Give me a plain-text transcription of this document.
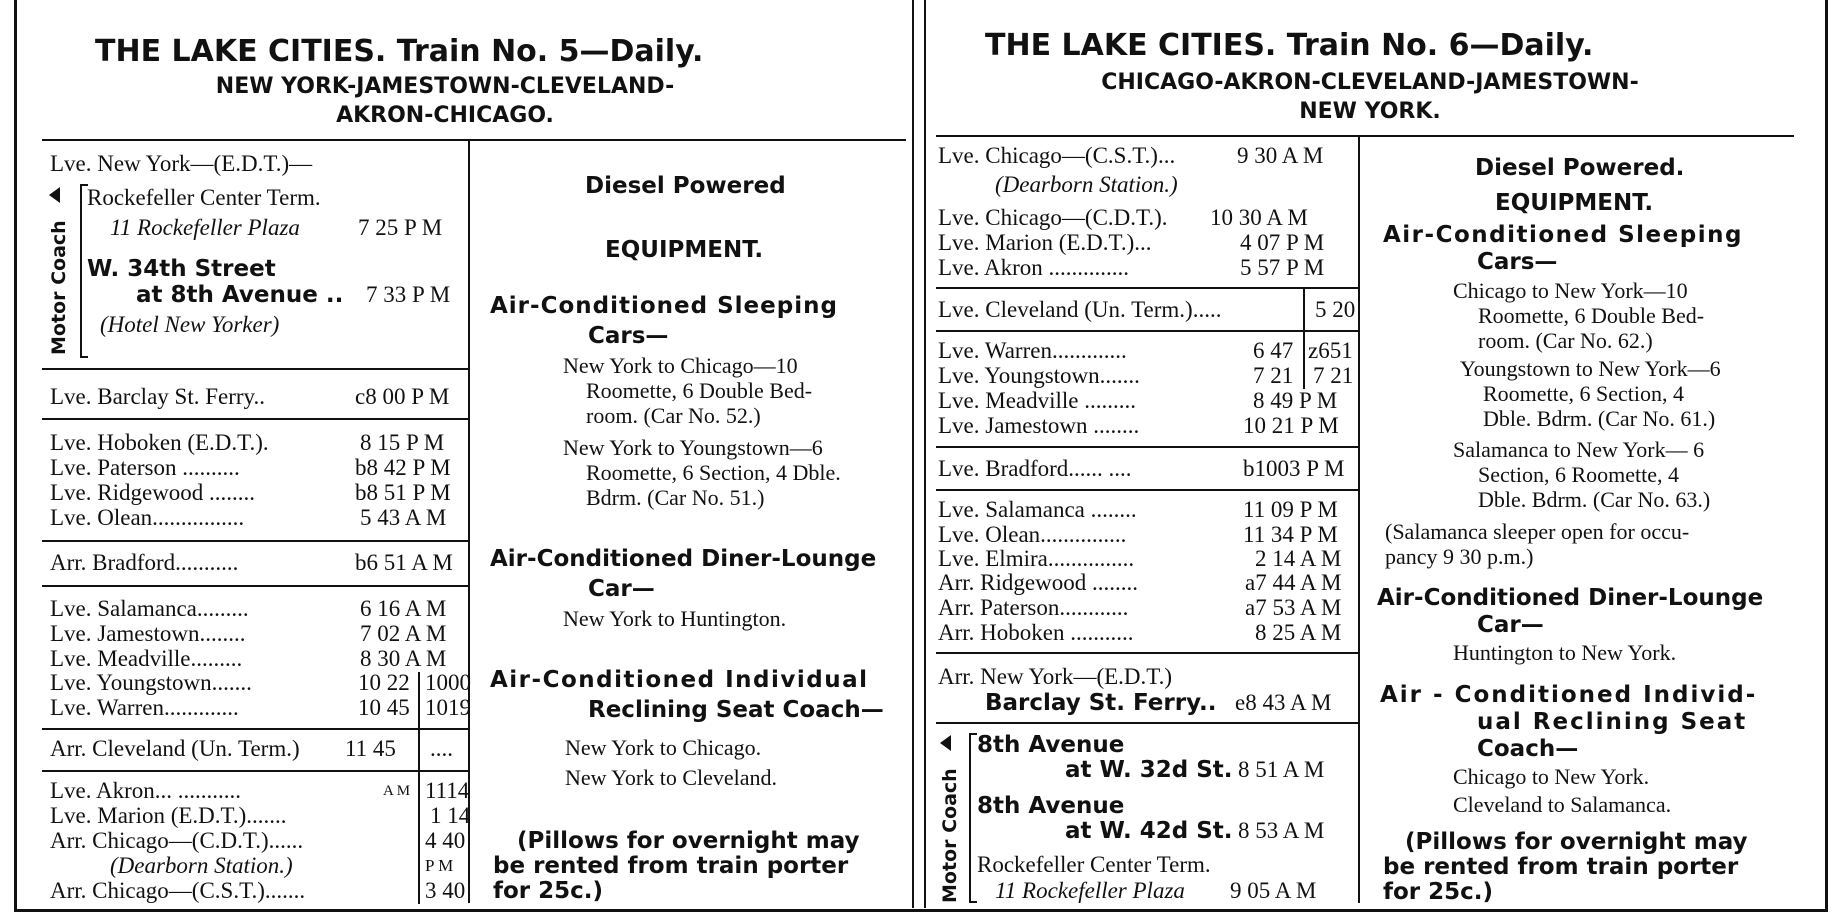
THE LAKE CITIES. Train No. 5—Daily.
NEW YORK-JAMESTOWN-CLEVELAND-
AKRON-CHICAGO.
Motor Coach
Lve. New York—(E.D.T.)—
Rockefeller Center Term.
11 Rockefeller Plaza	7 25 P M
W. 34th Street
at 8th Avenue .. 7 33 P M
(Hotel New Yorker)
Lve. Barclay St. Ferry..	c8 00 P M
Lve. Hoboken (E.D.T.).	8 15 P M
Lve. Paterson ..........	b8 42 P M
Lve. Ridgewood ........	b8 51 P M
Lve. Olean................	5 43 A M
Arr. Bradford...........	b6 51 A M
Lve. Salamanca.........	6 16 A M
Lve. Jamestown........	7 02 A M
Lve. Meadville.........	8 30 A M
Lve. Youngstown.......	10 22 1000
Lve. Warren.............	10 45 1019
Arr. Cleveland (Un. Term.) 11 45 ....
Lve. Akron... ...........	A M 1114
Lve. Marion (E.D.T.).......	1 14
Arr. Chicago—(C.D.T.)......	4 40
(Dearborn Station.)	P M
Arr. Chicago—(C.S.T.).......	3 40
Diesel Powered
EQUIPMENT.
Air-Conditioned Sleeping
Cars—
New York to Chicago—10
Roomette, 6 Double Bed-
room. (Car No. 52.)
New York to Youngstown—6
Roomette, 6 Section, 4 Dble.
Bdrm. (Car No. 51.)
Air-Conditioned Diner-Lounge
Car—
New York to Huntington.
Air-Conditioned Individual
Reclining Seat Coach—
New York to Chicago.
New York to Cleveland.
(Pillows for overnight may
be rented from train porter
for 25c.)
THE LAKE CITIES. Train No. 6—Daily.
CHICAGO-AKRON-CLEVELAND-JAMESTOWN-
NEW YORK.
Lve. Chicago—(C.S.T.)...	9 30 A M
(Dearborn Station.)
Lve. Chicago—(C.D.T.). 10 30 A M
Lve. Marion (E.D.T.)...	4 07 P M
Lve. Akron ..............	5 57 P M
Lve. Cleveland (Un. Term.).....	5 20
Lve. Warren.............	6 47 z651
Lve. Youngstown.......	7 21 7 21
Lve. Meadville .........	8 49 P M
Lve. Jamestown ........	10 21 P M
Lve. Bradford...... ....	b1003 P M
Lve. Salamanca ........	11 09 P M
Lve. Olean...............	11 34 P M
Lve. Elmira...............	2 14 A M
Arr. Ridgewood ........	a7 44 A M
Arr. Paterson............	a7 53 A M
Arr. Hoboken ...........	8 25 A M
Arr. New York—(E.D.T.)
Barclay St. Ferry.. e8 43 A M
Motor Coach
8th Avenue
at W. 32d St. 8 51 A M
8th Avenue
at W. 42d St. 8 53 A M
Rockefeller Center Term.
11 Rockefeller Plaza 9 05 A M
Diesel Powered.
EQUIPMENT.
Air-Conditioned Sleeping
Cars—
Chicago to New York—10
Roomette, 6 Double Bed-
room. (Car No. 62.)
Youngstown to New York—6
Roomette, 6 Section, 4
Dble. Bdrm. (Car No. 61.)
Salamanca to New York— 6
Section, 6 Roomette, 4
Dble. Bdrm. (Car No. 63.)
(Salamanca sleeper open for occu-
pancy 9 30 p.m.)
Air-Conditioned Diner-Lounge
Car—
Huntington to New York.
Air - Conditioned Individ-
ual Reclining Seat
Coach—
Chicago to New York.
Cleveland to Salamanca.
(Pillows for overnight may
be rented from train porter
for 25c.)
